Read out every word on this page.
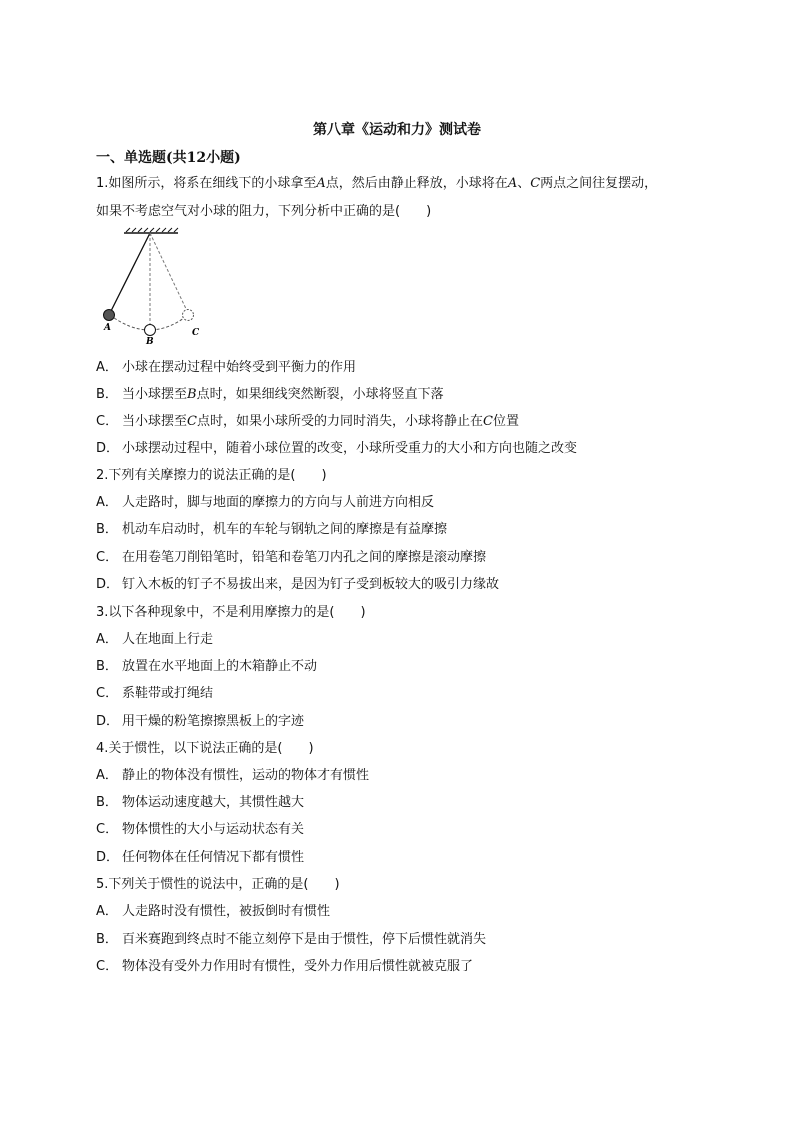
第八章《运动和力》测试卷
一、单选题(共12小题)
1.如图所示，将系在细线下的小球拿至A点，然后由静止释放，小球将在A、C两点之间往复摆动，
如果不考虑空气对小球的阻力，下列分析中正确的是(　　)
A
B
C
A． 小球在摆动过程中始终受到平衡力的作用
B． 当小球摆至B点时，如果细线突然断裂，小球将竖直下落
C． 当小球摆至C点时，如果小球所受的力同时消失，小球将静止在C位置
D． 小球摆动过程中，随着小球位置的改变，小球所受重力的大小和方向也随之改变
2.下列有关摩擦力的说法正确的是(　　)
A． 人走路时，脚与地面的摩擦力的方向与人前进方向相反
B． 机动车启动时，机车的车轮与钢轨之间的摩擦是有益摩擦
C． 在用卷笔刀削铅笔时，铅笔和卷笔刀内孔之间的摩擦是滚动摩擦
D． 钉入木板的钉子不易拔出来，是因为钉子受到板较大的吸引力缘故
3.以下各种现象中，不是利用摩擦力的是(　　)
A． 人在地面上行走
B． 放置在水平地面上的木箱静止不动
C． 系鞋带或打绳结
D． 用干燥的粉笔擦擦黑板上的字迹
4.关于惯性，以下说法正确的是(　　)
A． 静止的物体没有惯性，运动的物体才有惯性
B． 物体运动速度越大，其惯性越大
C． 物体惯性的大小与运动状态有关
D． 任何物体在任何情况下都有惯性
5.下列关于惯性的说法中，正确的是(　　)
A． 人走路时没有惯性，被扳倒时有惯性
B． 百米赛跑到终点时不能立刻停下是由于惯性，停下后惯性就消失
C． 物体没有受外力作用时有惯性，受外力作用后惯性就被克服了
